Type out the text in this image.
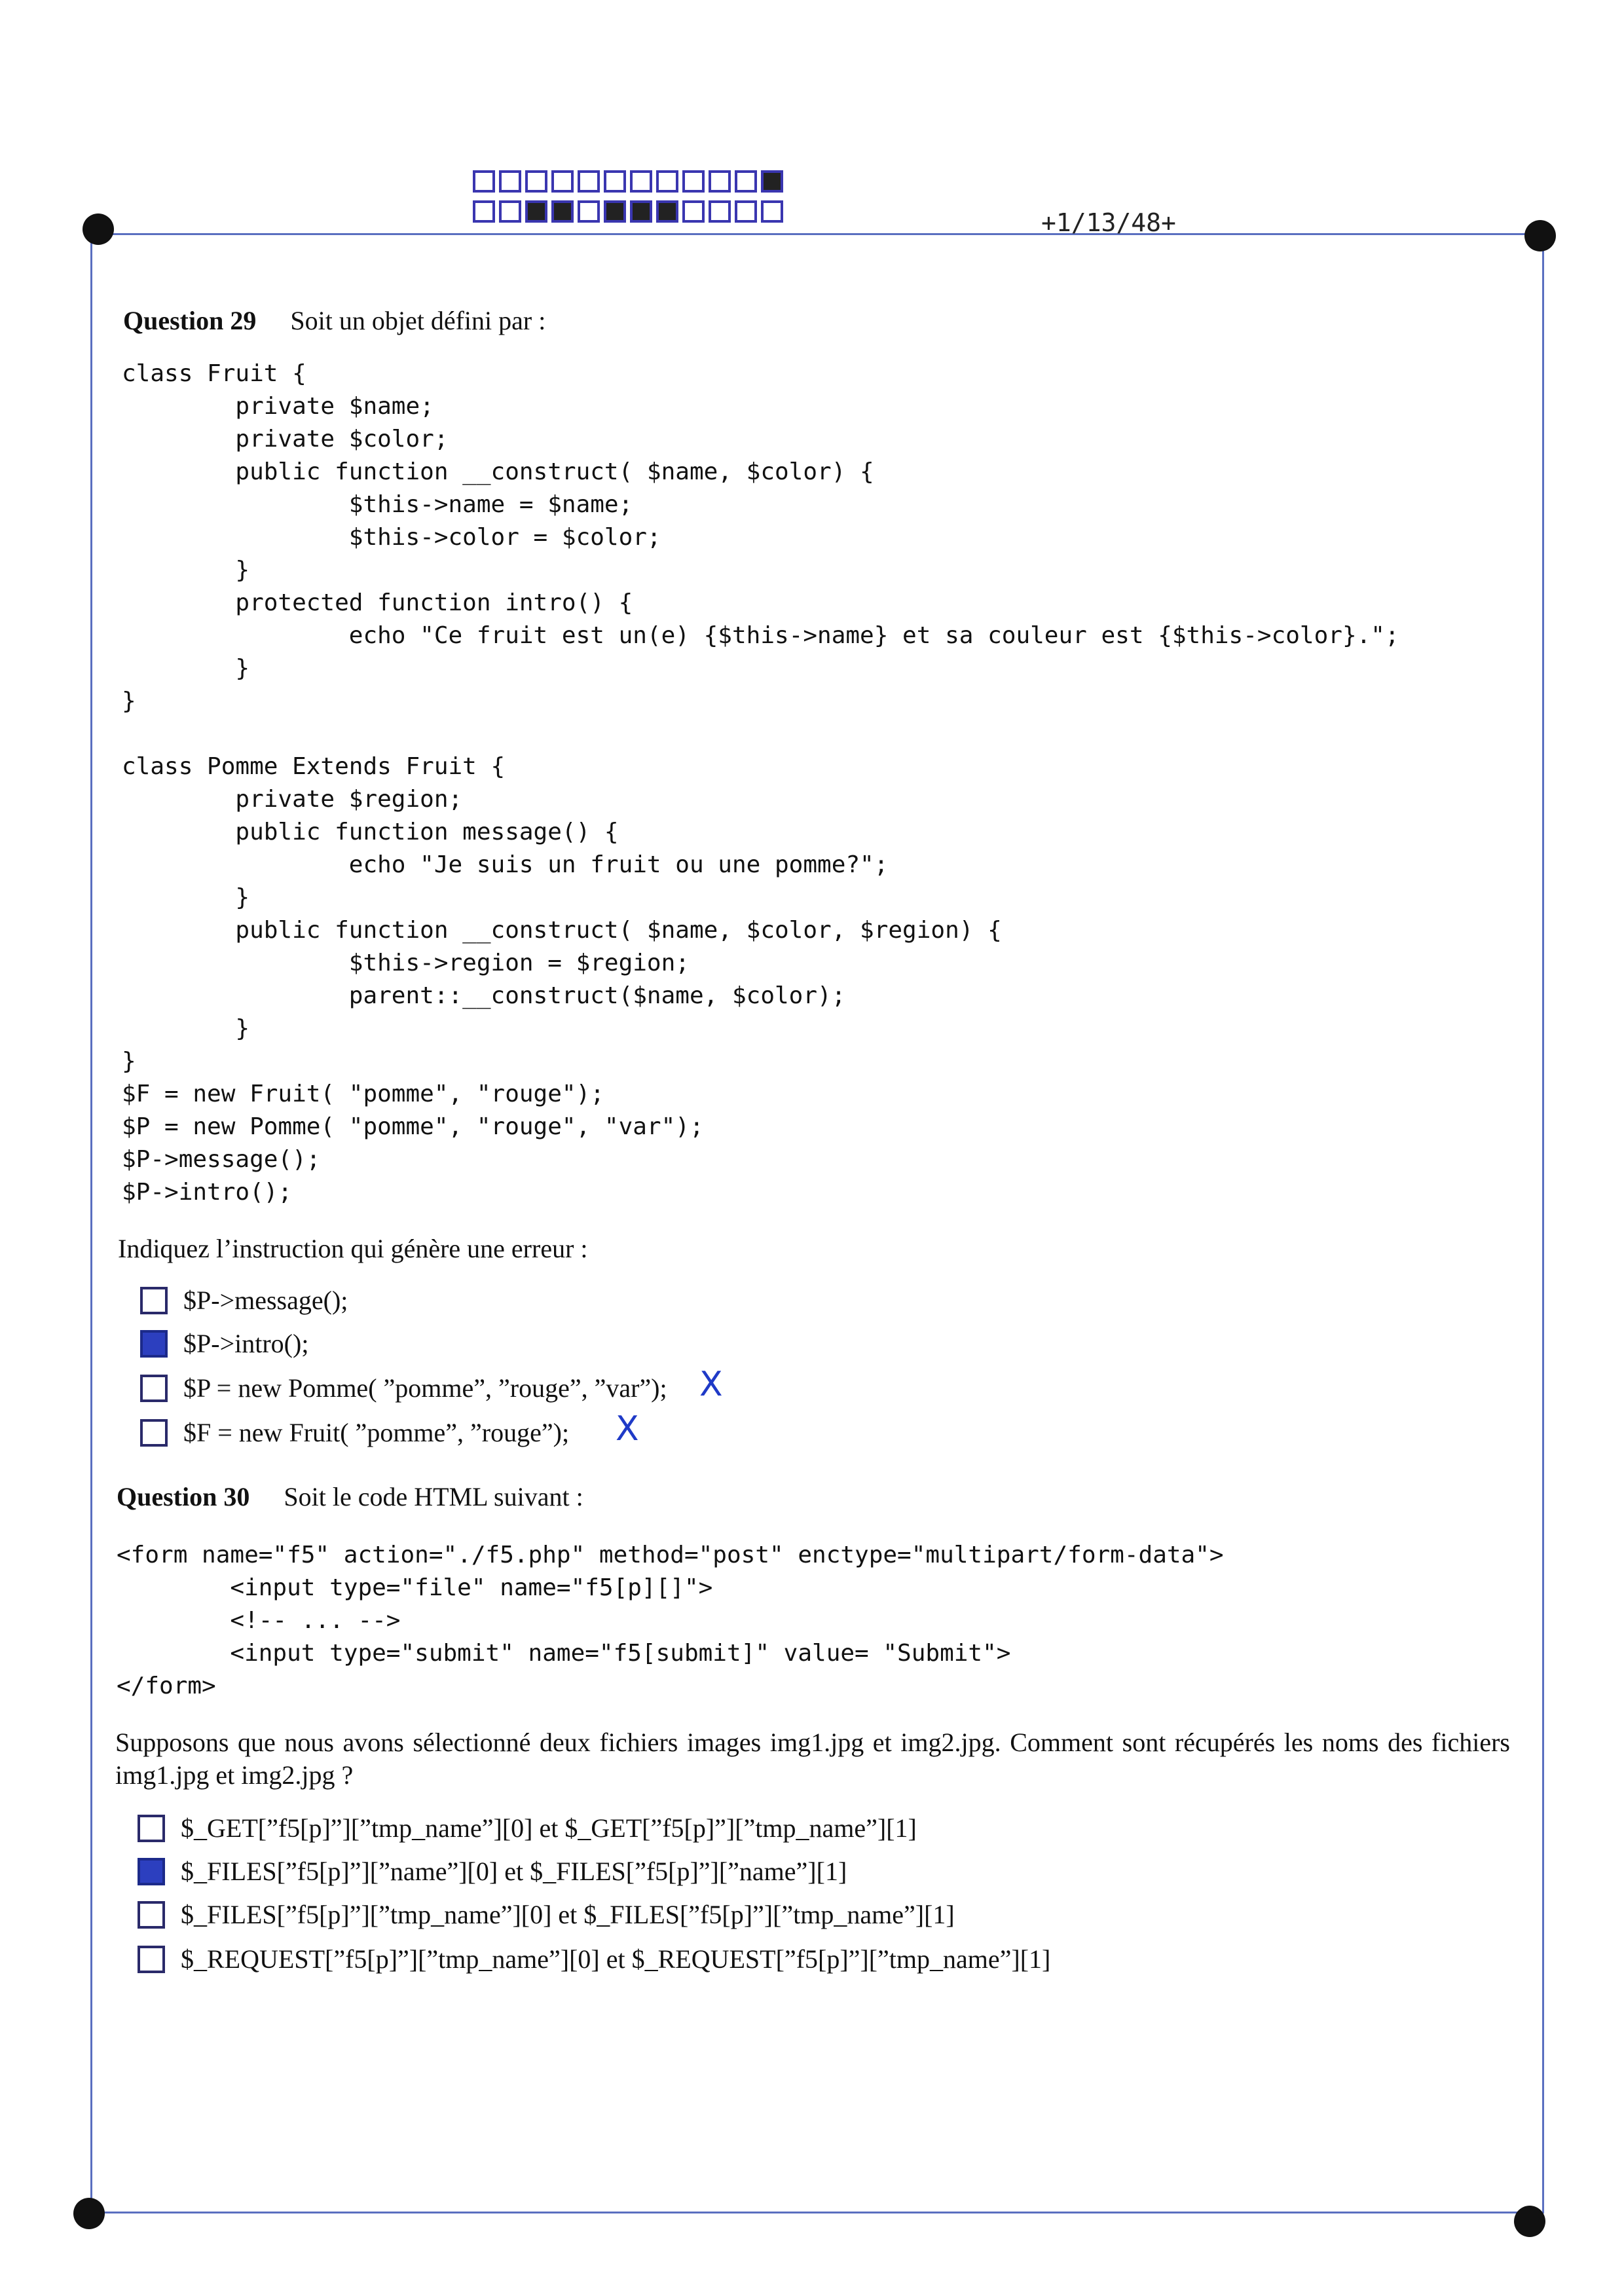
+1/13/48+
Question 29 Soit un objet défini par :
class Fruit {
private $name;
private $color;
public function __construct( $name, $color) {
$this->name = $name;
$this->color = $color;
}
protected function intro() {
echo "Ce fruit est un(e) {$this->name} et sa couleur est {$this->color}.";
}
}

class Pomme Extends Fruit {
private $region;
public function message() {
echo "Je suis un fruit ou une pomme?";
}
public function __construct( $name, $color, $region) {
$this->region = $region;
parent::__construct($name, $color);
}
}
$F = new Fruit( "pomme", "rouge");
$P = new Pomme( "pomme", "rouge", "var");
$P->message();
$P->intro();
Indiquez l’instruction qui génère une erreur :
$P->message();
$P->intro();
$P = new Pomme( ”pomme”, ”rouge”, ”var”);
$F = new Fruit( ”pomme”, ”rouge”);
X
X
Question 30 Soit le code HTML suivant :
<form name="f5" action="./f5.php" method="post" enctype="multipart/form-data">
<input type="file" name="f5[p][]">
<!-- ... -->
<input type="submit" name="f5[submit]" value= "Submit">
</form>
Supposons que nous avons sélectionné deux fichiers images img1.jpg et img2.jpg. Comment sont récupérés les noms des fichiers img1.jpg et img2.jpg ?
$_GET[”f5[p]”][”tmp_name”][0] et $_GET[”f5[p]”][”tmp_name”][1]
$_FILES[”f5[p]”][”name”][0] et $_FILES[”f5[p]”][”name”][1]
$_FILES[”f5[p]”][”tmp_name”][0] et $_FILES[”f5[p]”][”tmp_name”][1]
$_REQUEST[”f5[p]”][”tmp_name”][0] et $_REQUEST[”f5[p]”][”tmp_name”][1]
